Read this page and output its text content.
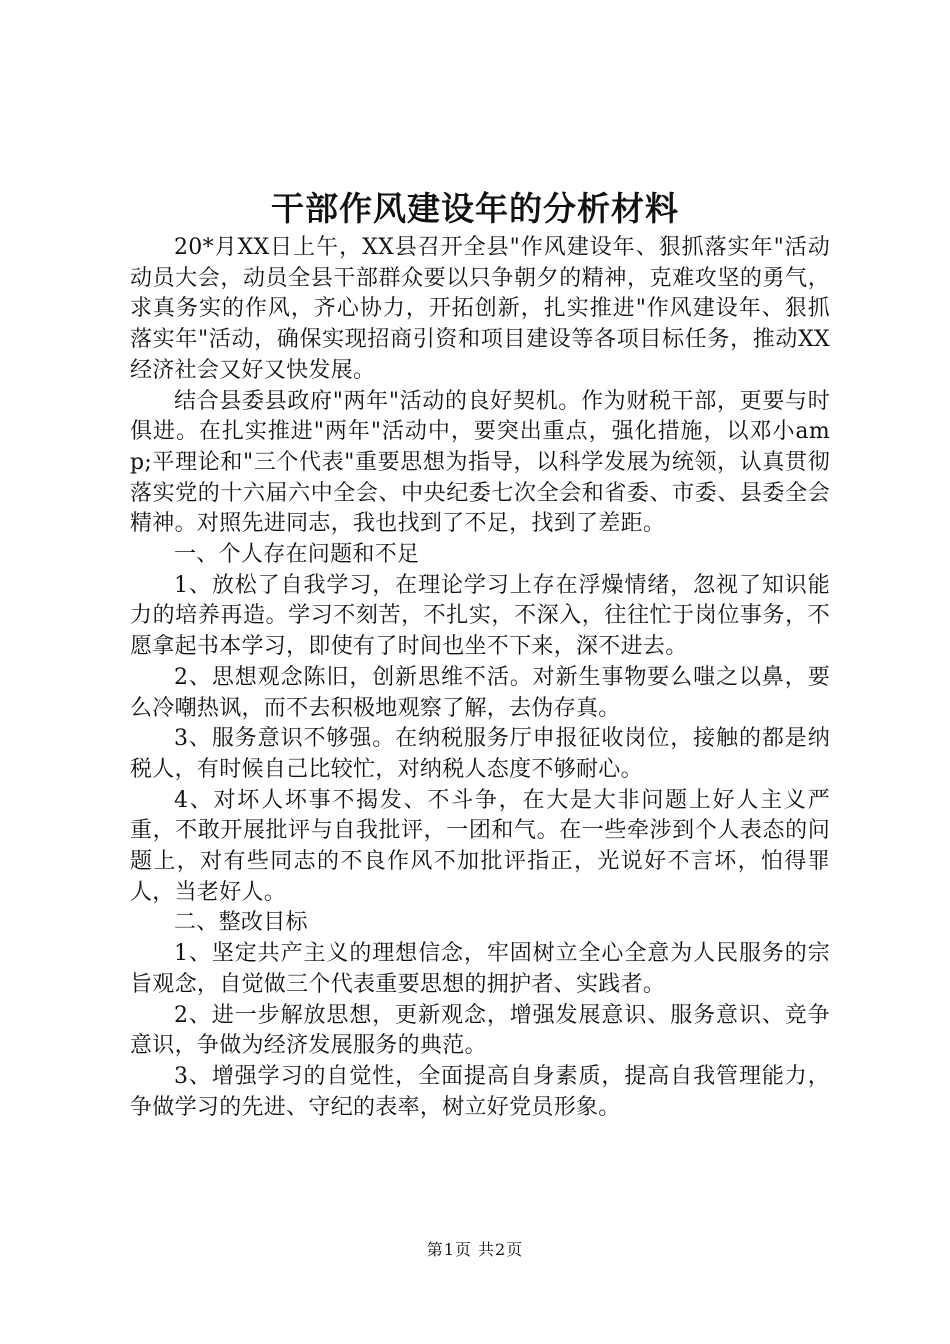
干部作风建设年的分析材料

20*月XX日上午，XX县召开全县"作风建设年、狠抓落实年"活动动员大会，动员全县干部群众要以只争朝夕的精神，克难攻坚的勇气，求真务实的作风，齐心协力，开拓创新，扎实推进"作风建设年、狠抓落实年"活动，确保实现招商引资和项目建设等各项目标任务，推动XX经济社会又好又快发展。

结合县委县政府"两年"活动的良好契机。作为财税干部，更要与时俱进。在扎实推进"两年"活动中，要突出重点，强化措施，以邓小amp;平理论和"三个代表"重要思想为指导，以科学发展为统领，认真贯彻落实党的十六届六中全会、中央纪委七次全会和省委、市委、县委全会精神。对照先进同志，我也找到了不足，找到了差距。

一、个人存在问题和不足

1、放松了自我学习，在理论学习上存在浮燥情绪，忽视了知识能力的培养再造。学习不刻苦，不扎实，不深入，往往忙于岗位事务，不愿拿起书本学习，即使有了时间也坐不下来，深不进去。

2、思想观念陈旧，创新思维不活。对新生事物要么嗤之以鼻，要么冷嘲热讽，而不去积极地观察了解，去伪存真。

3、服务意识不够强。在纳税服务厅申报征收岗位，接触的都是纳税人，有时候自己比较忙，对纳税人态度不够耐心。

4、对坏人坏事不揭发、不斗争，在大是大非问题上好人主义严重，不敢开展批评与自我批评，一团和气。在一些牵涉到个人表态的问题上，对有些同志的不良作风不加批评指正，光说好不言坏，怕得罪人，当老好人。

二、整改目标

1、坚定共产主义的理想信念，牢固树立全心全意为人民服务的宗旨观念，自觉做三个代表重要思想的拥护者、实践者。

2、进一步解放思想，更新观念，增强发展意识、服务意识、竞争意识，争做为经济发展服务的典范。

3、增强学习的自觉性，全面提高自身素质，提高自我管理能力，争做学习的先进、守纪的表率，树立好党员形象。

第1页 共2页
